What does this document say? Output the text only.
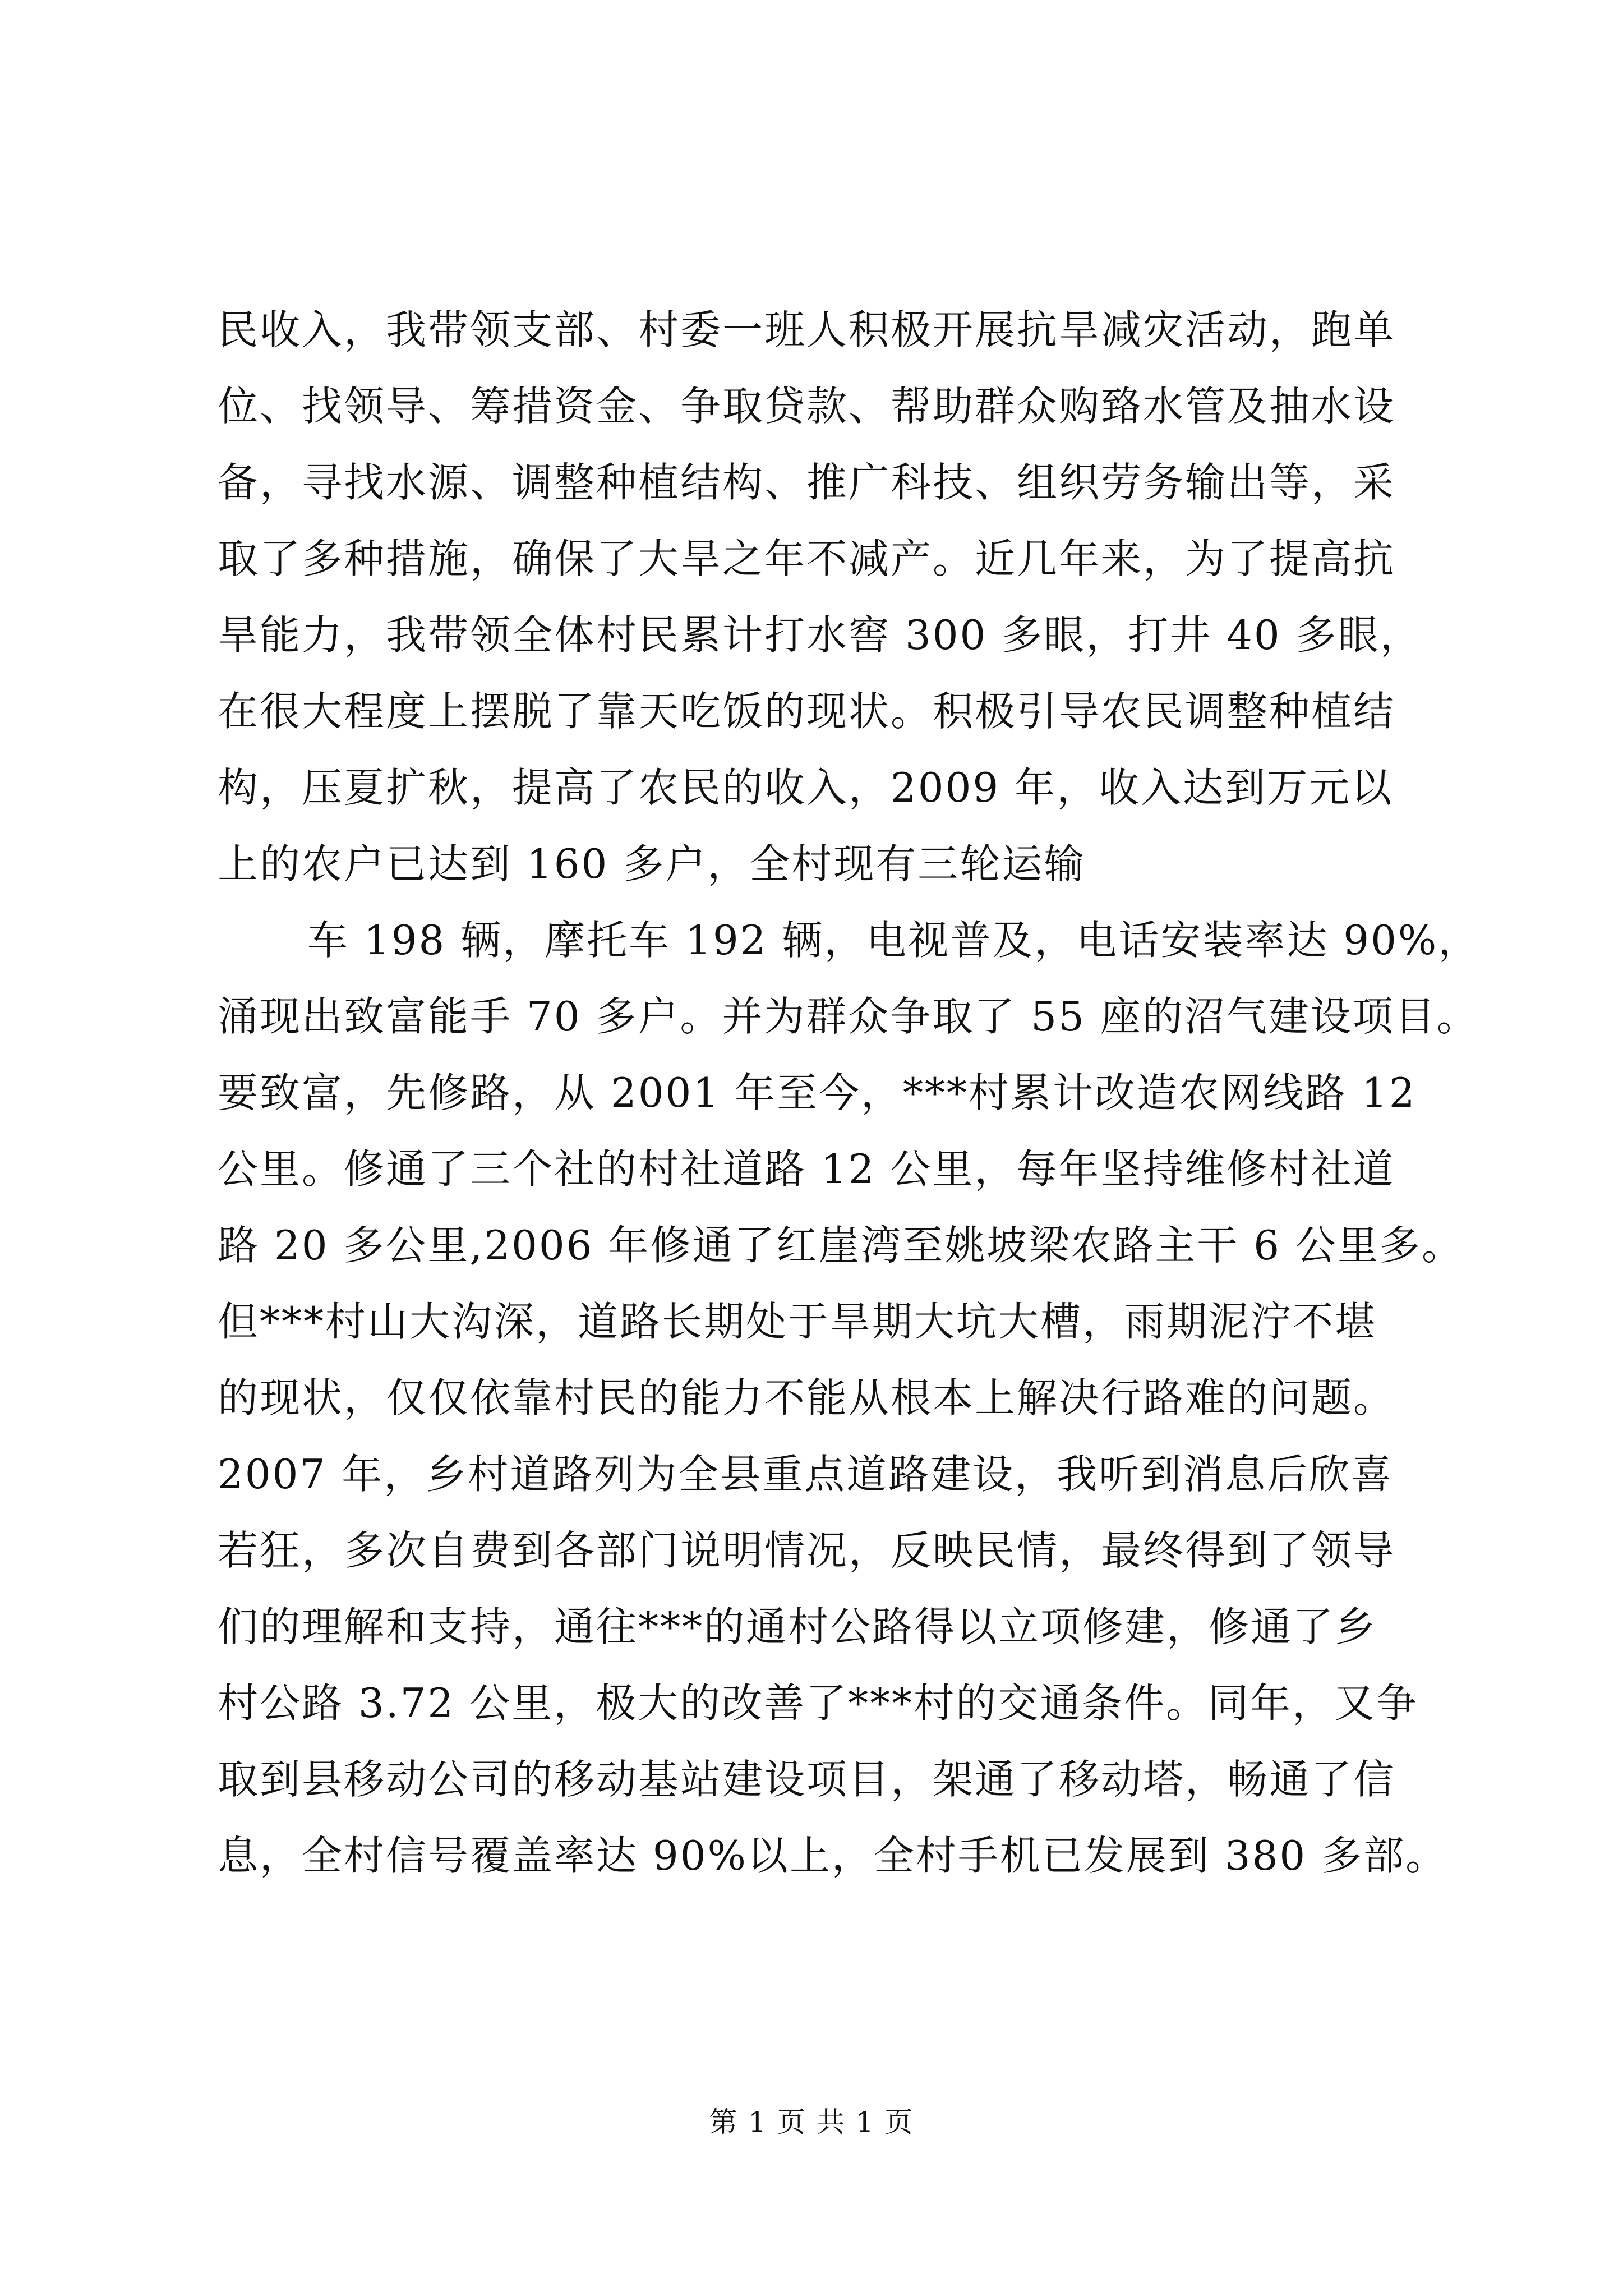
民收入，我带领支部、村委一班人积极开展抗旱减灾活动，跑单
位、找领导、筹措资金、争取贷款、帮助群众购臵水管及抽水设
备，寻找水源、调整种植结构、推广科技、组织劳务输出等，采
取了多种措施，确保了大旱之年不减产。近几年来，为了提高抗
旱能力，我带领全体村民累计打水窖 300 多眼，打井 40 多眼，
在很大程度上摆脱了靠天吃饭的现状。积极引导农民调整种植结
构，压夏扩秋，提高了农民的收入，2009 年，收入达到万元以
上的农户已达到 160 多户，全村现有三轮运输
车 198 辆，摩托车 192 辆，电视普及，电话安装率达 90%，
涌现出致富能手 70 多户。并为群众争取了 55 座的沼气建设项目。
要致富，先修路，从 2001 年至今，***村累计改造农网线路 12
公里。修通了三个社的村社道路 12 公里，每年坚持维修村社道
路 20 多公里,2006 年修通了红崖湾至姚坡梁农路主干 6 公里多。
但***村山大沟深，道路长期处于旱期大坑大槽，雨期泥泞不堪
的现状，仅仅依靠村民的能力不能从根本上解决行路难的问题。
2007 年，乡村道路列为全县重点道路建设，我听到消息后欣喜
若狂，多次自费到各部门说明情况，反映民情，最终得到了领导
们的理解和支持，通往***的通村公路得以立项修建，修通了乡
村公路 3.72 公里，极大的改善了***村的交通条件。同年，又争
取到县移动公司的移动基站建设项目，架通了移动塔，畅通了信
息，全村信号覆盖率达 90%以上，全村手机已发展到 380 多部。
第 1 页 共 1 页
